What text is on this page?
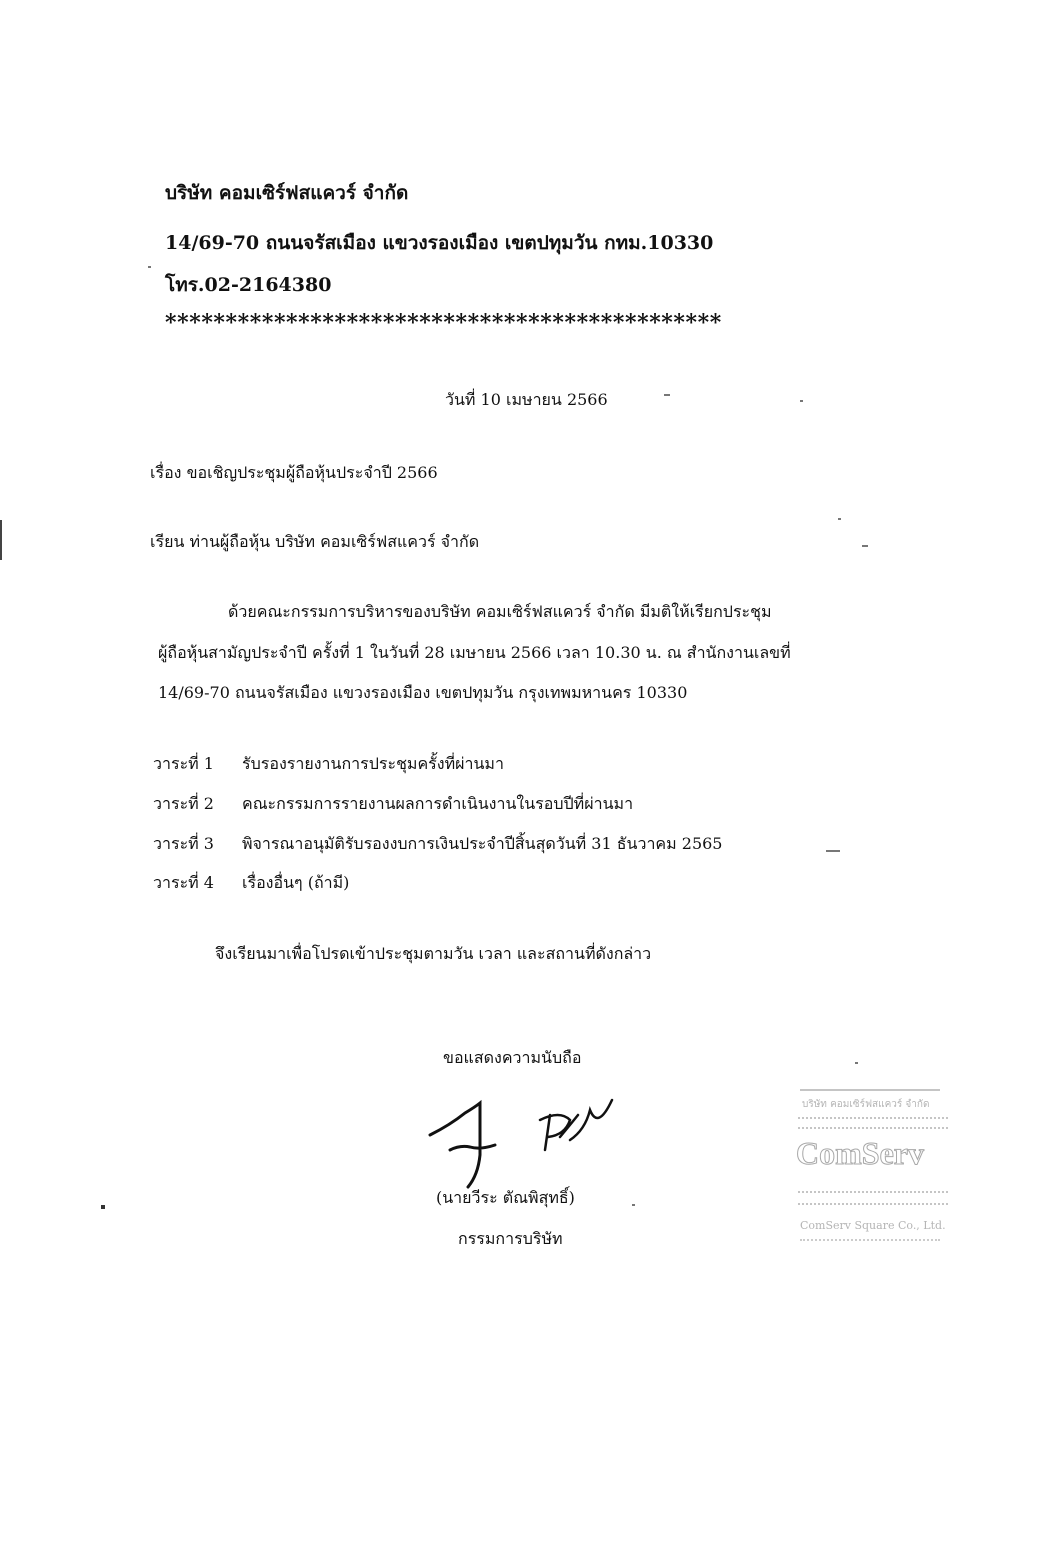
บริษัท คอมเซิร์ฟสแควร์ จำกัด
14/69-70 ถนนจรัสเมือง แขวงรองเมือง เขตปทุมวัน กทม.10330
โทร.02-2164380
**********************************************
วันที่ 10 เมษายน 2566
เรื่อง ขอเชิญประชุมผู้ถือหุ้นประจำปี 2566
เรียน ท่านผู้ถือหุ้น บริษัท คอมเซิร์ฟสแควร์ จำกัด
ด้วยคณะกรรมการบริหารของบริษัท คอมเซิร์ฟสแควร์ จำกัด มีมติให้เรียกประชุม
ผู้ถือหุ้นสามัญประจำปี ครั้งที่ 1 ในวันที่ 28 เมษายน 2566 เวลา 10.30 น. ณ สำนักงานเลขที่
14/69-70 ถนนจรัสเมือง แขวงรองเมือง เขตปทุมวัน กรุงเทพมหานคร 10330
วาระที่ 1 รับรองรายงานการประชุมครั้งที่ผ่านมา
วาระที่ 2 คณะกรรมการรายงานผลการดำเนินงานในรอบปีที่ผ่านมา
วาระที่ 3 พิจารณาอนุมัติรับรองงบการเงินประจำปีสิ้นสุดวันที่ 31 ธันวาคม 2565
วาระที่ 4 เรื่องอื่นๆ (ถ้ามี)
จึงเรียนมาเพื่อโปรดเข้าประชุมตามวัน เวลา และสถานที่ดังกล่าว
ขอแสดงความนับถือ
(นายวีระ ตัณพิสุทธิ์)
กรรมการบริษัท
บริษัท คอมเซิร์ฟสแควร์ จำกัด
ComServ
ComServ Square Co., Ltd.
